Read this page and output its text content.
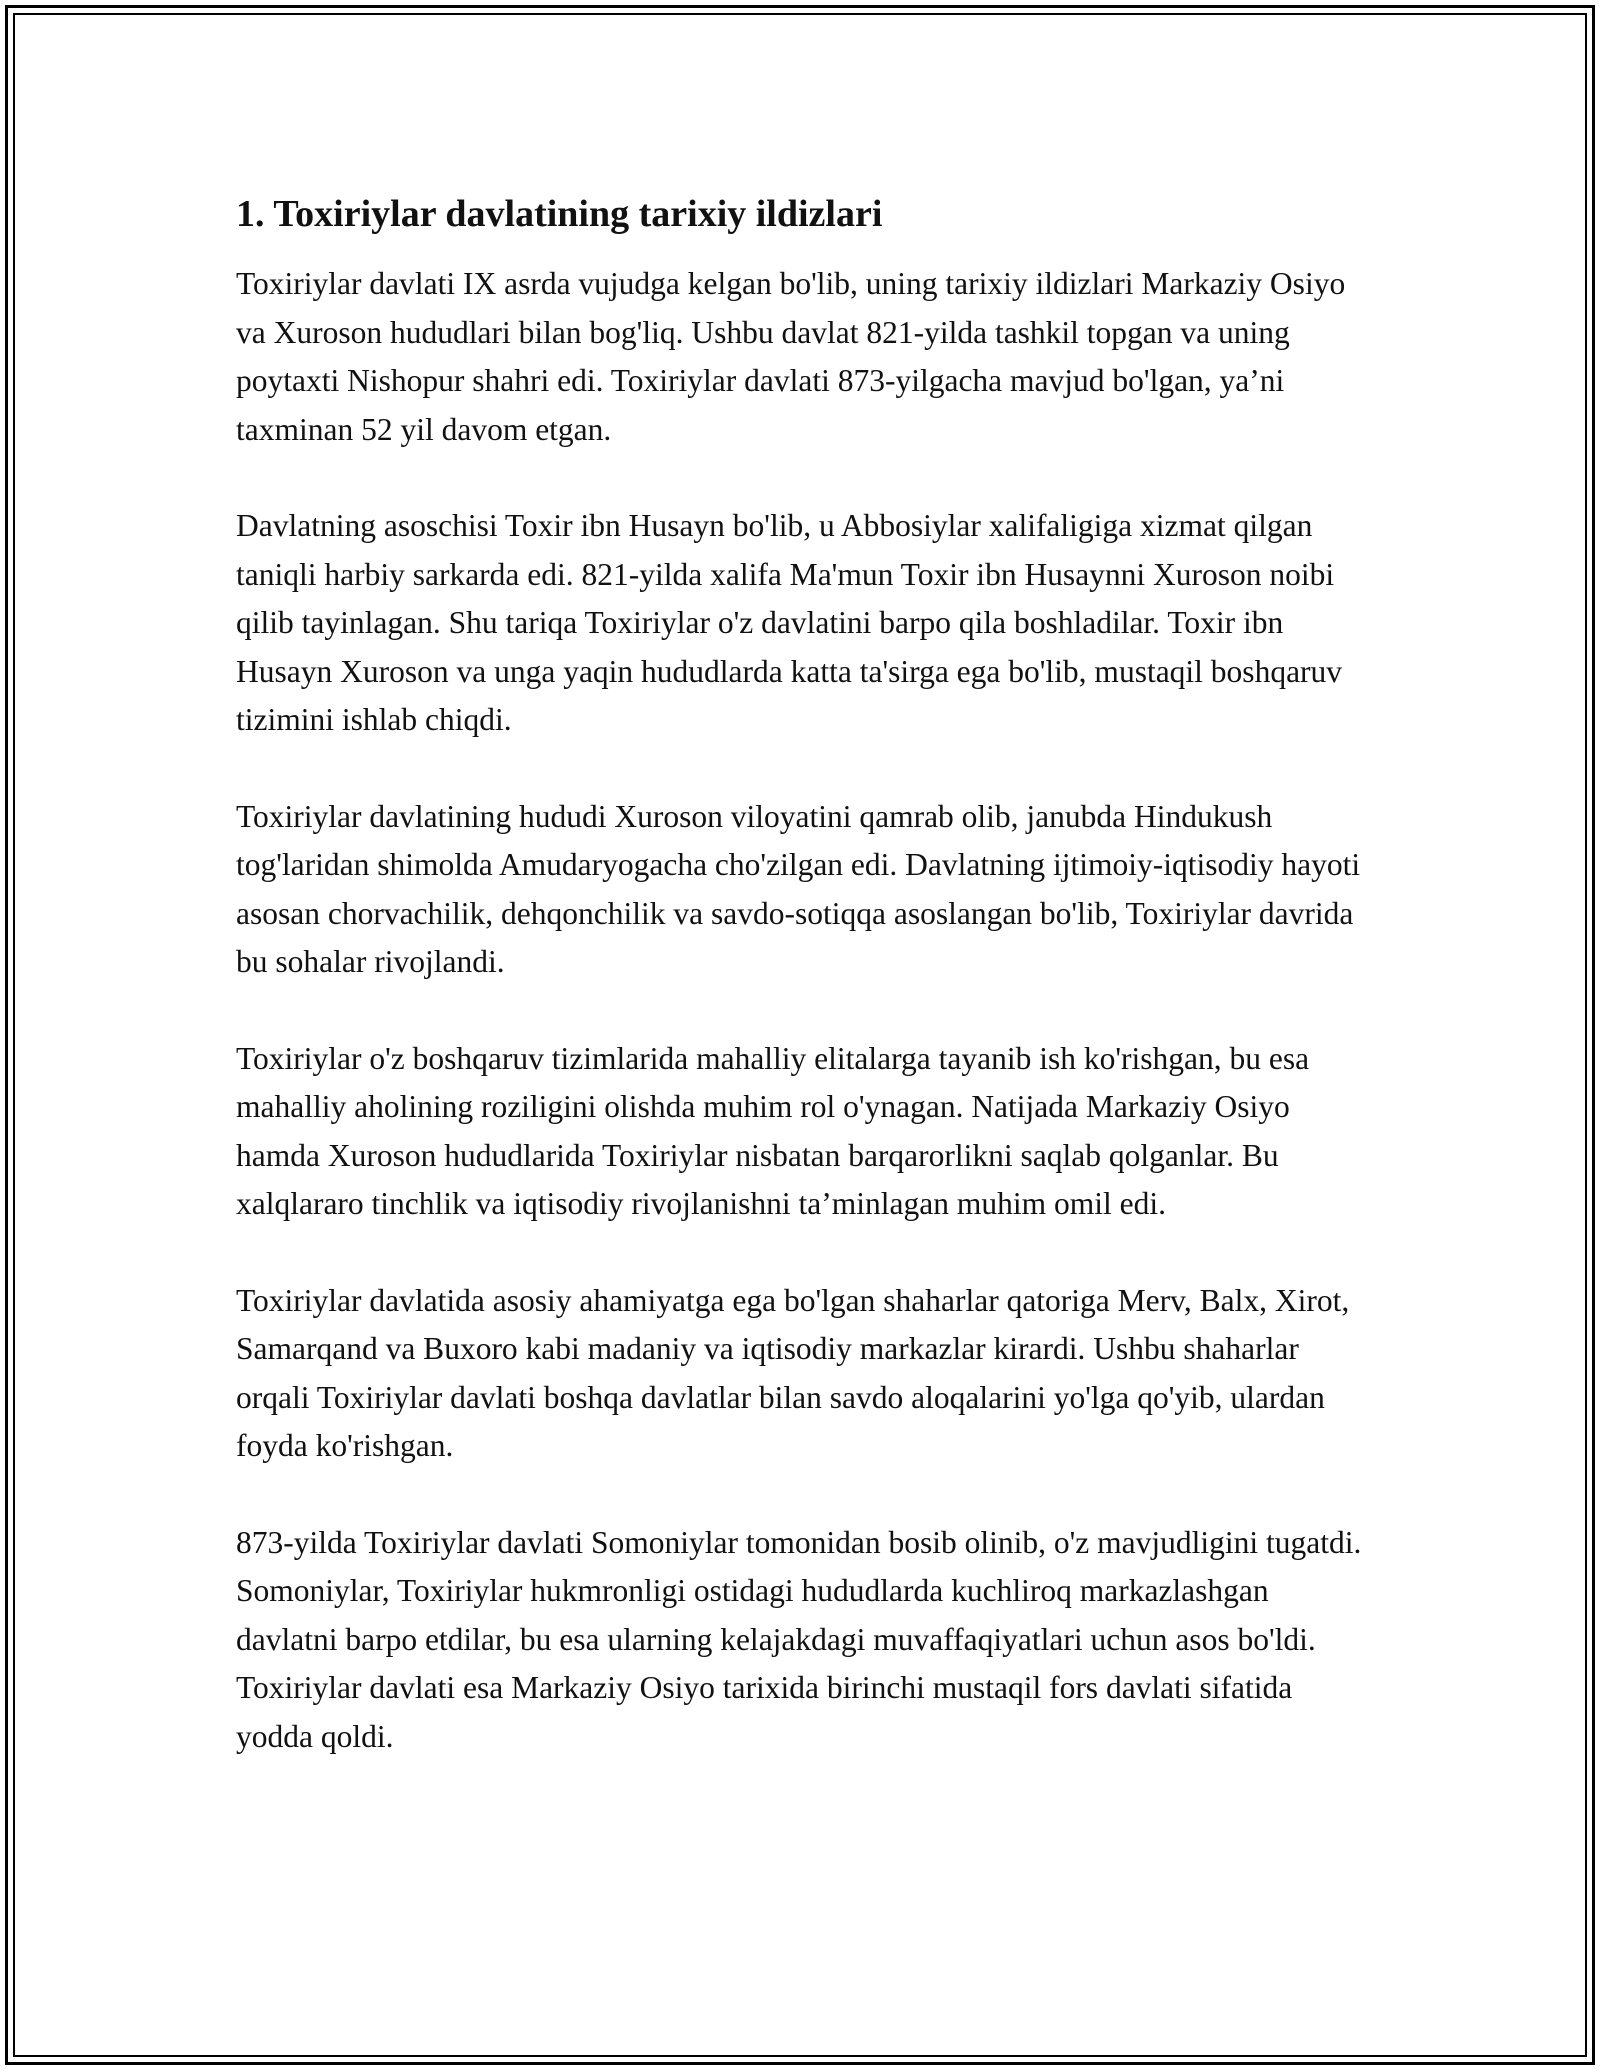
1. Toxiriylar davlatining tarixiy ildizlari

Toxiriylar davlati IX asrda vujudga kelgan bo'lib, uning tarixiy ildizlari Markaziy Osiyo va Xuroson hududlari bilan bog'liq. Ushbu davlat 821-yilda tashkil topgan va uning poytaxti Nishopur shahri edi. Toxiriylar davlati 873-yilgacha mavjud bo'lgan, ya’ni taxminan 52 yil davom etgan.

Davlatning asoschisi Toxir ibn Husayn bo'lib, u Abbosiylar xalifaligiga xizmat qilgan taniqli harbiy sarkarda edi. 821-yilda xalifa Ma'mun Toxir ibn Husaynni Xuroson noibi qilib tayinlagan. Shu tariqa Toxiriylar o'z davlatini barpo qila boshladilar. Toxir ibn Husayn Xuroson va unga yaqin hududlarda katta ta'sirga ega bo'lib, mustaqil boshqaruv tizimini ishlab chiqdi.

Toxiriylar davlatining hududi Xuroson viloyatini qamrab olib, janubda Hindukush tog'laridan shimolda Amudaryogacha cho'zilgan edi. Davlatning ijtimoiy-iqtisodiy hayoti asosan chorvachilik, dehqonchilik va savdo-sotiqqa asoslangan bo'lib, Toxiriylar davrida bu sohalar rivojlandi.

Toxiriylar o'z boshqaruv tizimlarida mahalliy elitalarga tayanib ish ko'rishgan, bu esa mahalliy aholining roziligini olishda muhim rol o'ynagan. Natijada Markaziy Osiyo hamda Xuroson hududlarida Toxiriylar nisbatan barqarorlikni saqlab qolganlar. Bu xalqlararo tinchlik va iqtisodiy rivojlanishni ta’minlagan muhim omil edi.

Toxiriylar davlatida asosiy ahamiyatga ega bo'lgan shaharlar qatoriga Merv, Balx, Xirot, Samarqand va Buxoro kabi madaniy va iqtisodiy markazlar kirardi. Ushbu shaharlar orqali Toxiriylar davlati boshqa davlatlar bilan savdo aloqalarini yo'lga qo'yib, ulardan foyda ko'rishgan.

873-yilda Toxiriylar davlati Somoniylar tomonidan bosib olinib, o'z mavjudligini tugatdi. Somoniylar, Toxiriylar hukmronligi ostidagi hududlarda kuchliroq markazlashgan davlatni barpo etdilar, bu esa ularning kelajakdagi muvaffaqiyatlari uchun asos bo'ldi. Toxiriylar davlati esa Markaziy Osiyo tarixida birinchi mustaqil fors davlati sifatida yodda qoldi.
